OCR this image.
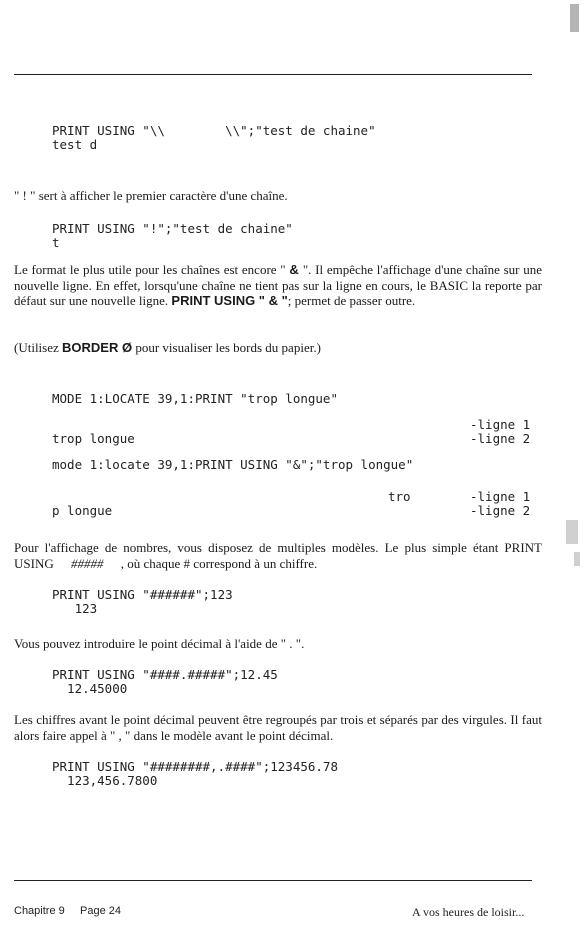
PRINT USING "\\        \\";"test de chaine"
test d
" ! " sert à afficher le premier caractère d'une chaîne.
PRINT USING "!";"test de chaine"
t
Le format le plus utile pour les chaînes est encore " & ". Il empêche l'affichage d'une chaîne sur une nouvelle ligne. En effet, lorsqu'une chaîne ne tient pas sur la ligne en cours, le BASIC la reporte par défaut sur une nouvelle ligne. PRINT USING " & "; permet de passer outre.
(Utilisez BORDER Ø pour visualiser les bords du papier.)
MODE 1:LOCATE 39,1:PRINT "trop longue"
-ligne 1
trop longue	-ligne 2
mode 1:locate 39,1:PRINT USING "&";"trop longue"
tro	-ligne 1
p longue	-ligne 2
Pour l'affichage de nombres, vous disposez de multiples modèles. Le plus simple étant PRINT USING ##### , où chaque # correspond à un chiffre.
PRINT USING "######";123
123
Vous pouvez introduire le point décimal à l'aide de " . ".
PRINT USING "####.#####";12.45
12.45000
Les chiffres avant le point décimal peuvent être regroupés par trois et séparés par des virgules. Il faut alors faire appel à " , " dans le modèle avant le point décimal.
PRINT USING "########,.####";123456.78
123,456.7800
Chapitre 9 Page 24	A vos heures de loisir...
